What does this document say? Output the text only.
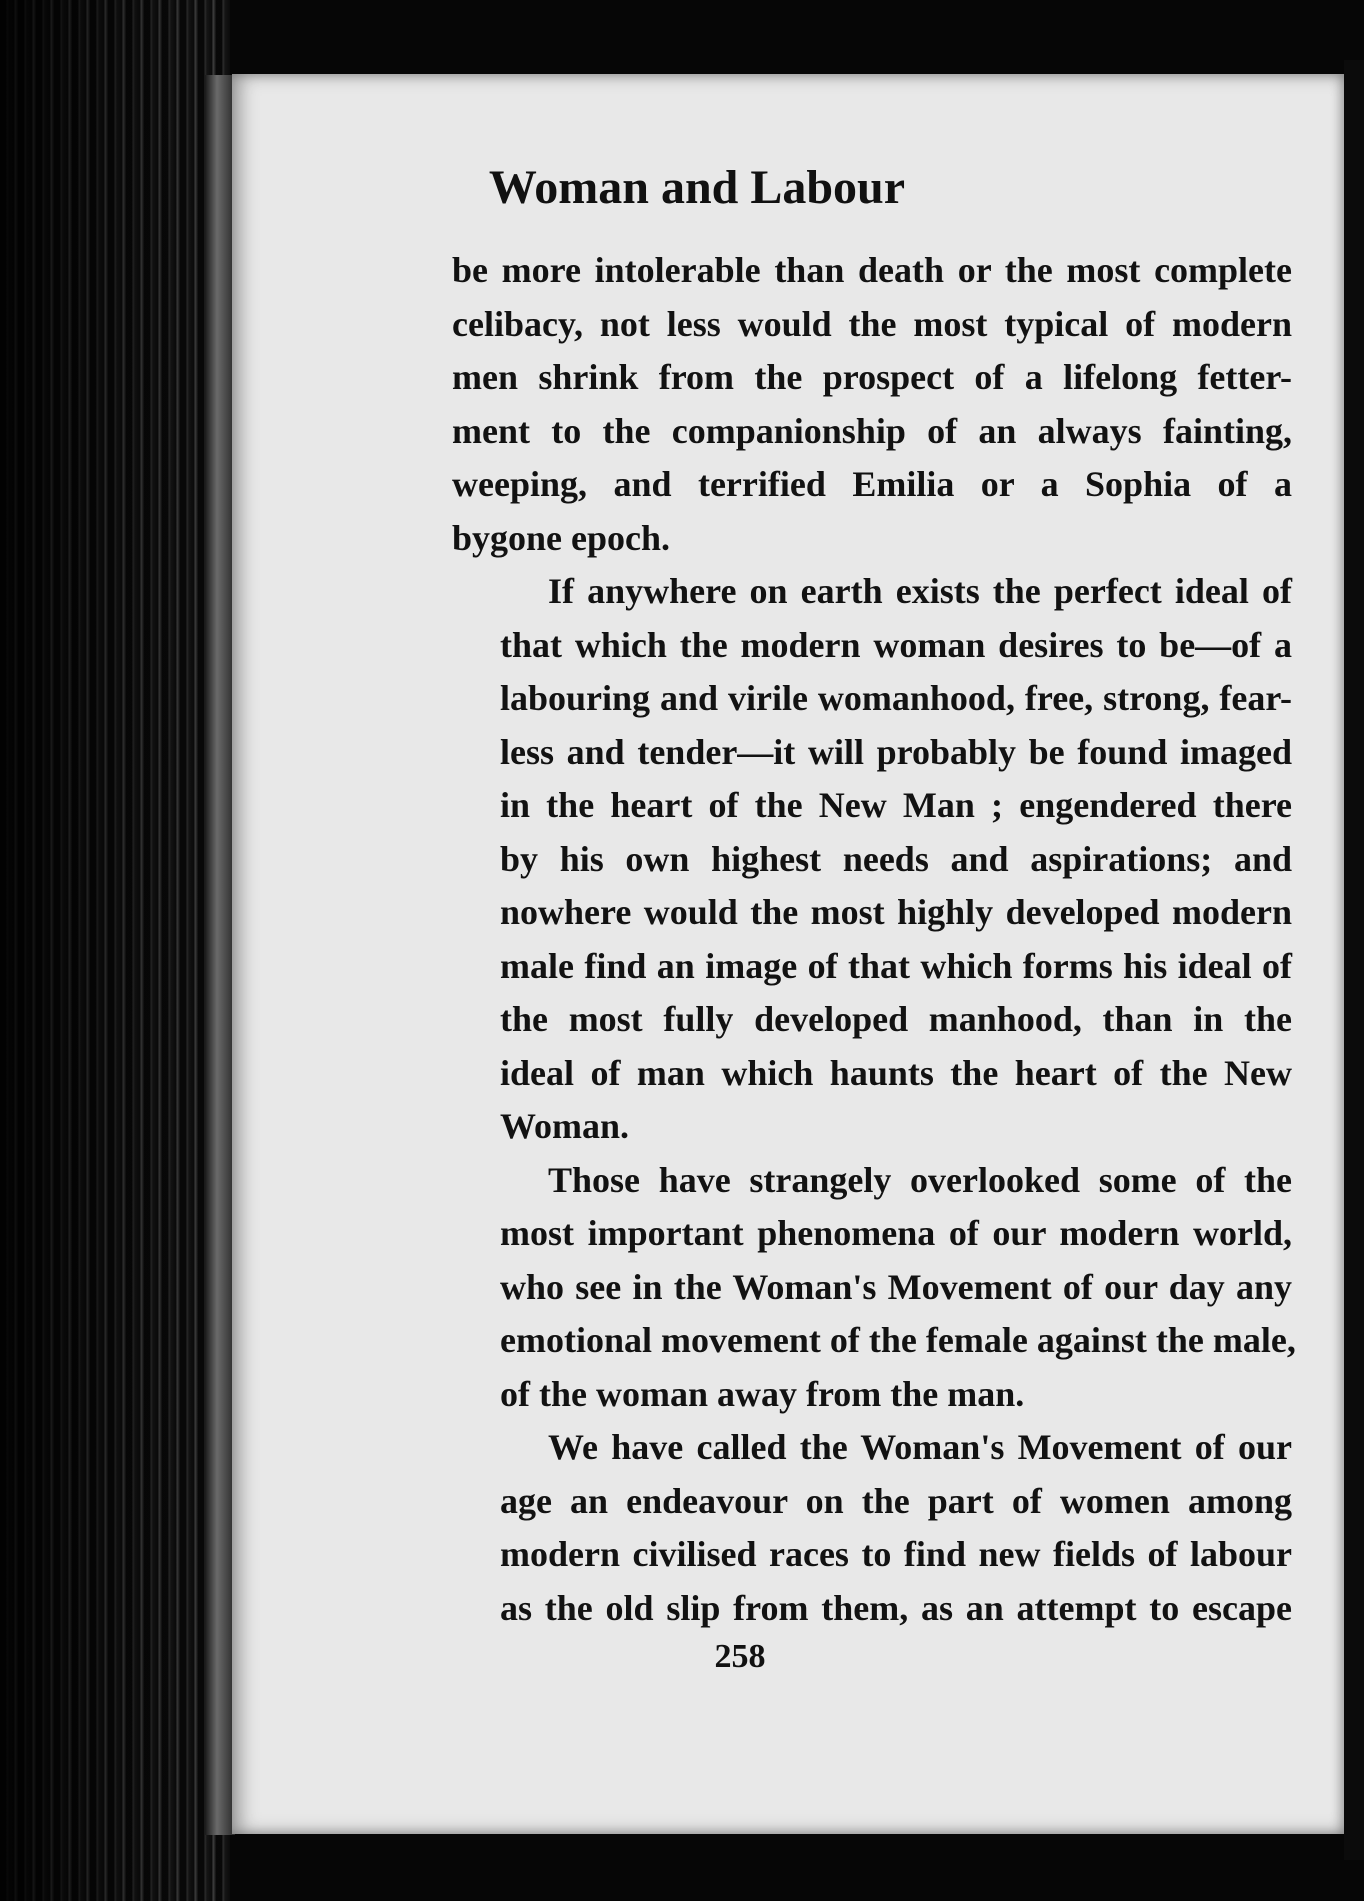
Woman and Labour

be more intolerable than death or the most complete
celibacy, not less would the most typical of modern
men shrink from the prospect of a lifelong fetter-
ment to the companionship of an always fainting,
weeping, and terrified Emilia or a Sophia of a
bygone epoch.

If anywhere on earth exists the perfect ideal of
that which the modern woman desires to be—of a
labouring and virile womanhood, free, strong, fear-
less and tender—it will probably be found imaged
in the heart of the New Man ; engendered there
by his own highest needs and aspirations; and
nowhere would the most highly developed modern
male find an image of that which forms his ideal of
the most fully developed manhood, than in the
ideal of man which haunts the heart of the New
Woman.

Those have strangely overlooked some of the
most important phenomena of our modern world,
who see in the Woman's Movement of our day any
emotional movement of the female against the male,
of the woman away from the man.

We have called the Woman's Movement of our
age an endeavour on the part of women among
modern civilised races to find new fields of labour
as the old slip from them, as an attempt to escape

258
